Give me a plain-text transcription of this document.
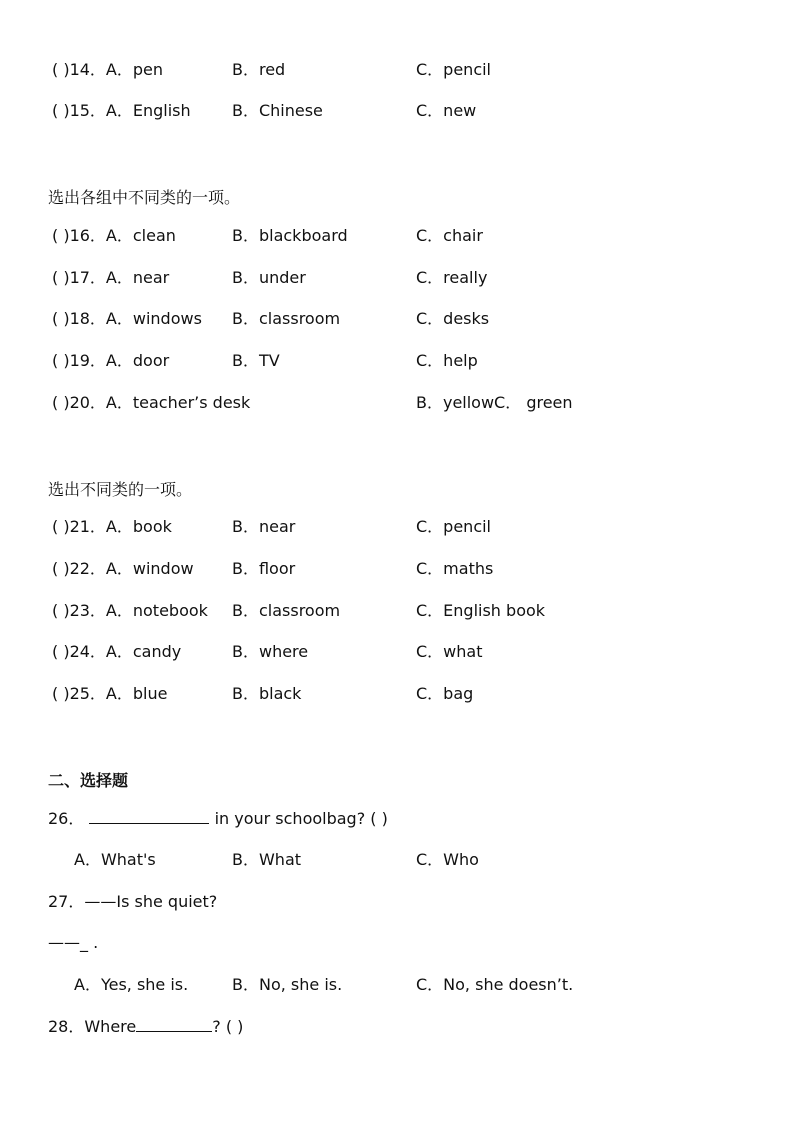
( )14．A．pen	B．red	C．pencil
( )15．A．English	B．Chinese	C．new
选出各组中不同类的一项。
( )16．A．clean	B．blackboard	C．chair
( )17．A．near	B．under	C．really
( )18．A．windows B．classroom	C．desks
( )19．A．door	B．TV	C．help
( )20．A．teacher’s desk	B．yellowC． green
选出不同类的一项。
( )21．A．book	B．near	C．pencil
( )22．A．window B．floor	C．maths
( )23．A．notebook B．classroom	C．English book
( )24．A．candy	B．where	C．what
( )25．A．blue	B．black	C．bag
二、选择题
26．	in your schoolbag? ( )
A．What's	B．What	C．Who
27．——Is she quiet?
——_ .
A．Yes, she is.	B．No, she is.	C．No, she doesn’t.
28．Where	? ( )
